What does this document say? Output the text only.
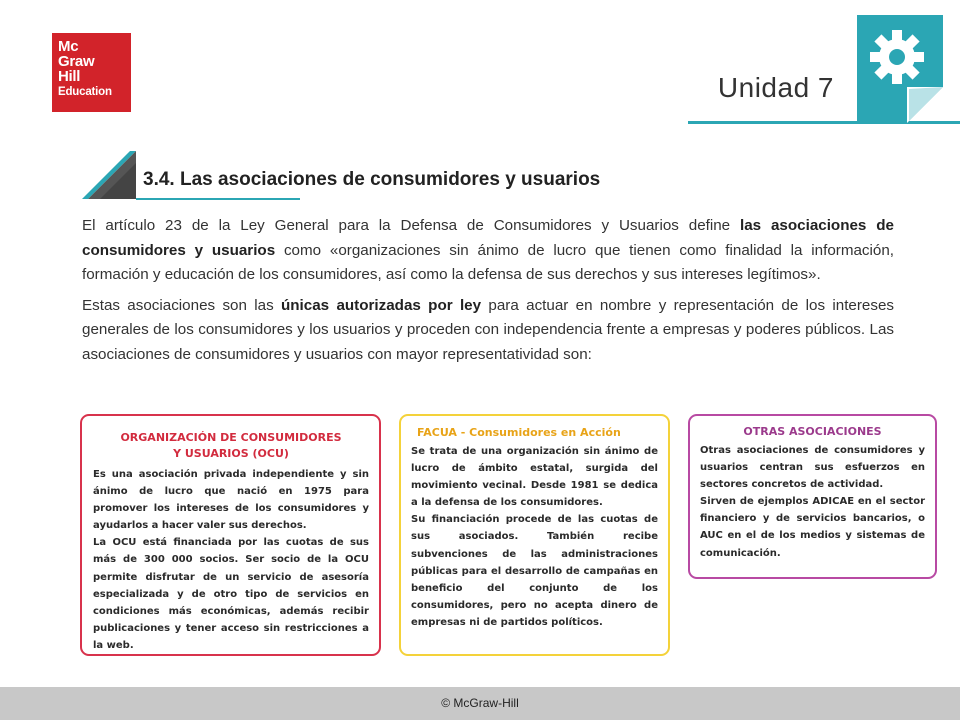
Mc
Graw
Hill
Education	Unidad 7
3.4. Las asociaciones de consumidores y usuarios

El artículo 23 de la Ley General para la Defensa de Consumidores y Usuarios define las asociaciones de consumidores y usuarios como «organizaciones sin ánimo de lucro que tienen como finalidad la información, formación y educación de los consumidores, así como la defensa de sus derechos y sus intereses legítimos».

Estas asociaciones son las únicas autorizadas por ley para actuar en nombre y representación de los intereses generales de los consumidores y los usuarios y proceden con independencia frente a empresas y poderes públicos. Las asociaciones de consumidores y usuarios con mayor representatividad son:

ORGANIZACIÓN DE CONSUMIDORES
Y USUARIOS (OCU)

Es una asociación privada independiente y sin ánimo de lucro que nació en 1975 para promover los intereses de los consumidores y ayudarlos a hacer valer sus derechos.

La OCU está financiada por las cuotas de sus más de 300 000 socios. Ser socio de la OCU permite disfrutar de un servicio de asesoría especializada y de otro tipo de servicios en condiciones más económicas, además recibir publicaciones y tener acceso sin restricciones a la web.

FACUA - Consumidores en Acción

Se trata de una organización sin ánimo de lucro de ámbito estatal, surgida del movimiento vecinal. Desde 1981 se dedica a la defensa de los consumidores.

Su financiación procede de las cuotas de sus asociados. También recibe subvenciones de las administraciones públicas para el desarrollo de campañas en beneficio del conjunto de los consumidores, pero no acepta dinero de empresas ni de partidos políticos.

OTRAS ASOCIACIONES

Otras asociaciones de consumidores y usuarios centran sus esfuerzos en sectores concretos de actividad.

Sirven de ejemplos ADICAE en el sector financiero y de servicios bancarios, o AUC en el de los medios y sistemas de comunicación.

© McGraw-Hill
